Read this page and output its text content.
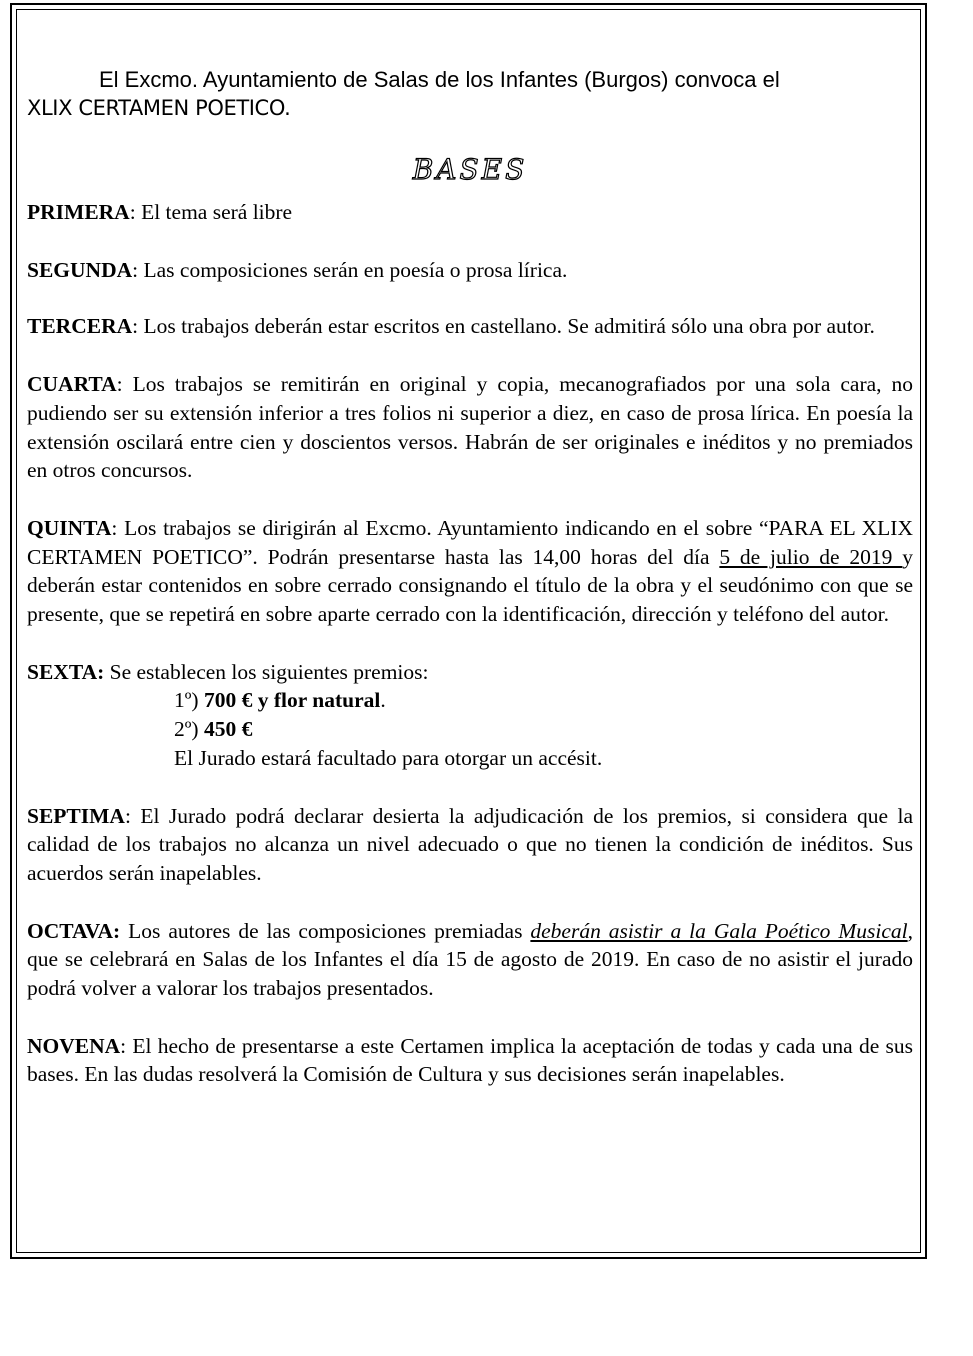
El Excmo. Ayuntamiento de Salas de los Infantes (Burgos) convoca el
XLIX CERTAMEN POETICO.

BASES

PRIMERA: El tema será libre

SEGUNDA: Las composiciones serán en poesía o prosa lírica.

TERCERA: Los trabajos deberán estar escritos en castellano. Se admitirá sólo una obra por autor.

CUARTA: Los trabajos se remitirán en original y copia, mecanografiados por una sola cara, no pudiendo ser su extensión inferior a tres folios ni superior a diez, en caso de prosa lírica. En poesía la extensión oscilará entre cien y doscientos versos. Habrán de ser originales e inéditos y no premiados en otros concursos.

QUINTA: Los trabajos se dirigirán al Excmo. Ayuntamiento indicando en el sobre “PARA EL XLIX CERTAMEN POETICO”. Podrán presentarse hasta las 14,00 horas del día 5 de julio de 2019 y deberán estar contenidos en sobre cerrado consignando el título de la obra y el seudónimo con que se presente, que se repetirá en sobre aparte cerrado con la identificación, dirección y teléfono del autor.

SEXTA: Se establecen los siguientes premios:

1º) 700 € y flor natural.
2º) 450 €
El Jurado estará facultado para otorgar un accésit.

SEPTIMA: El Jurado podrá declarar desierta la adjudicación de los premios, si considera que la calidad de los trabajos no alcanza un nivel adecuado o que no tienen la condición de inéditos. Sus acuerdos serán inapelables.

OCTAVA: Los autores de las composiciones premiadas deberán asistir a la Gala Poético Musical, que se celebrará en Salas de los Infantes el día 15 de agosto de 2019. En caso de no asistir el jurado podrá volver a valorar los trabajos presentados.

NOVENA: El hecho de presentarse a este Certamen implica la aceptación de todas y cada una de sus bases. En las dudas resolverá la Comisión de Cultura y sus decisiones serán inapelables.
